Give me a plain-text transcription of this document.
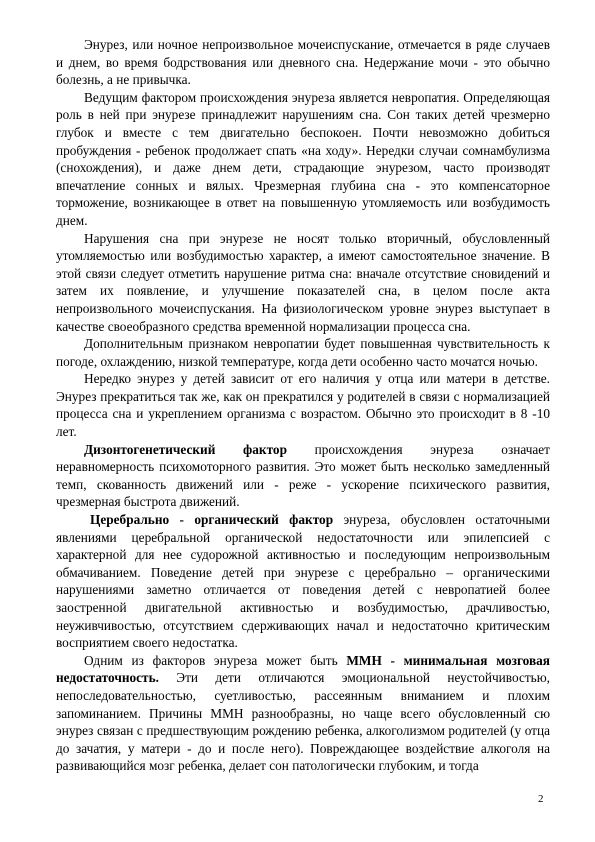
Энурез, или ночное непроизвольное мочеиспускание, отмечается в ряде случаев и днем, во время бодрствования или дневного сна. Недержание мочи - это обычно болезнь, а не привычка.

Ведущим фактором происхождения энуреза является невропатия. Определяющая роль в ней при энурезе принадлежит нарушениям сна. Сон таких детей чрезмерно глубок и вместе с тем двигательно беспокоен. Почти невозможно добиться пробуждения - ребенок продолжает спать «на ходу». Нередки случаи сомнамбулизма (снохождения), и даже днем дети, страдающие энурезом, часто производят впечатление сонных и вялых. Чрезмерная глубина сна - это компенсаторное торможение, возникающее в ответ на повышенную утомляемость или возбудимость днем.

Нарушения сна при энурезе не носят только вторичный, обусловленный утомляемостью или возбудимостью характер, а имеют самостоятельное значение. В этой связи следует отметить нарушение ритма сна: вначале отсутствие сновидений и затем их появление, и улучшение показателей сна, в целом после акта непроизвольного мочеиспускания. На физиологическом уровне энурез выступает в качестве своеобразного средства временной нормализации процесса сна.

Дополнительным признаком невропатии будет повышенная чувствительность к погоде, охлаждению, низкой температуре, когда дети особенно часто мочатся ночью.

Нередко энурез у детей зависит от его наличия у отца или матери в детстве. Энурез прекратиться так же, как он прекратился у родителей в связи с нормализацией процесса сна и укреплением организма с возрастом. Обычно это происходит в 8 -10 лет.

Дизонтогенетический фактор происхождения энуреза означает неравномерность психомоторного развития. Это может быть несколько замедленный темп, скованность движений или - реже - ускорение психического развития, чрезмерная быстрота движений.

Церебрально - органический фактор энуреза, обусловлен остаточными явлениями церебральной органической недостаточности или эпилепсией с характерной для нее судорожной активностью и последующим непроизвольным обмачиванием. Поведение детей при энурезе с церебрально – органическими нарушениями заметно отличается от поведения детей с невропатией более заостренной двигательной активностью и возбудимостью, драчливостью, неуживчивостью, отсутствием сдерживающих начал и недостаточно критическим восприятием своего недостатка.

Одним из факторов энуреза может быть ММН - минимальная мозговая недостаточность. Эти дети отличаются эмоциональной неустойчивостью, непоследовательностью, суетливостью, рассеянным вниманием и плохим запоминанием. Причины ММН разнообразны, но чаще всего обусловленный сю энурез связан с предшествующим рождению ребенка, алкоголизмом родителей (у отца до зачатия, у матери - до и после него). Повреждающее воздействие алкоголя на развивающийся мозг ребенка, делает сон патологически глубоким, и тогда

2
